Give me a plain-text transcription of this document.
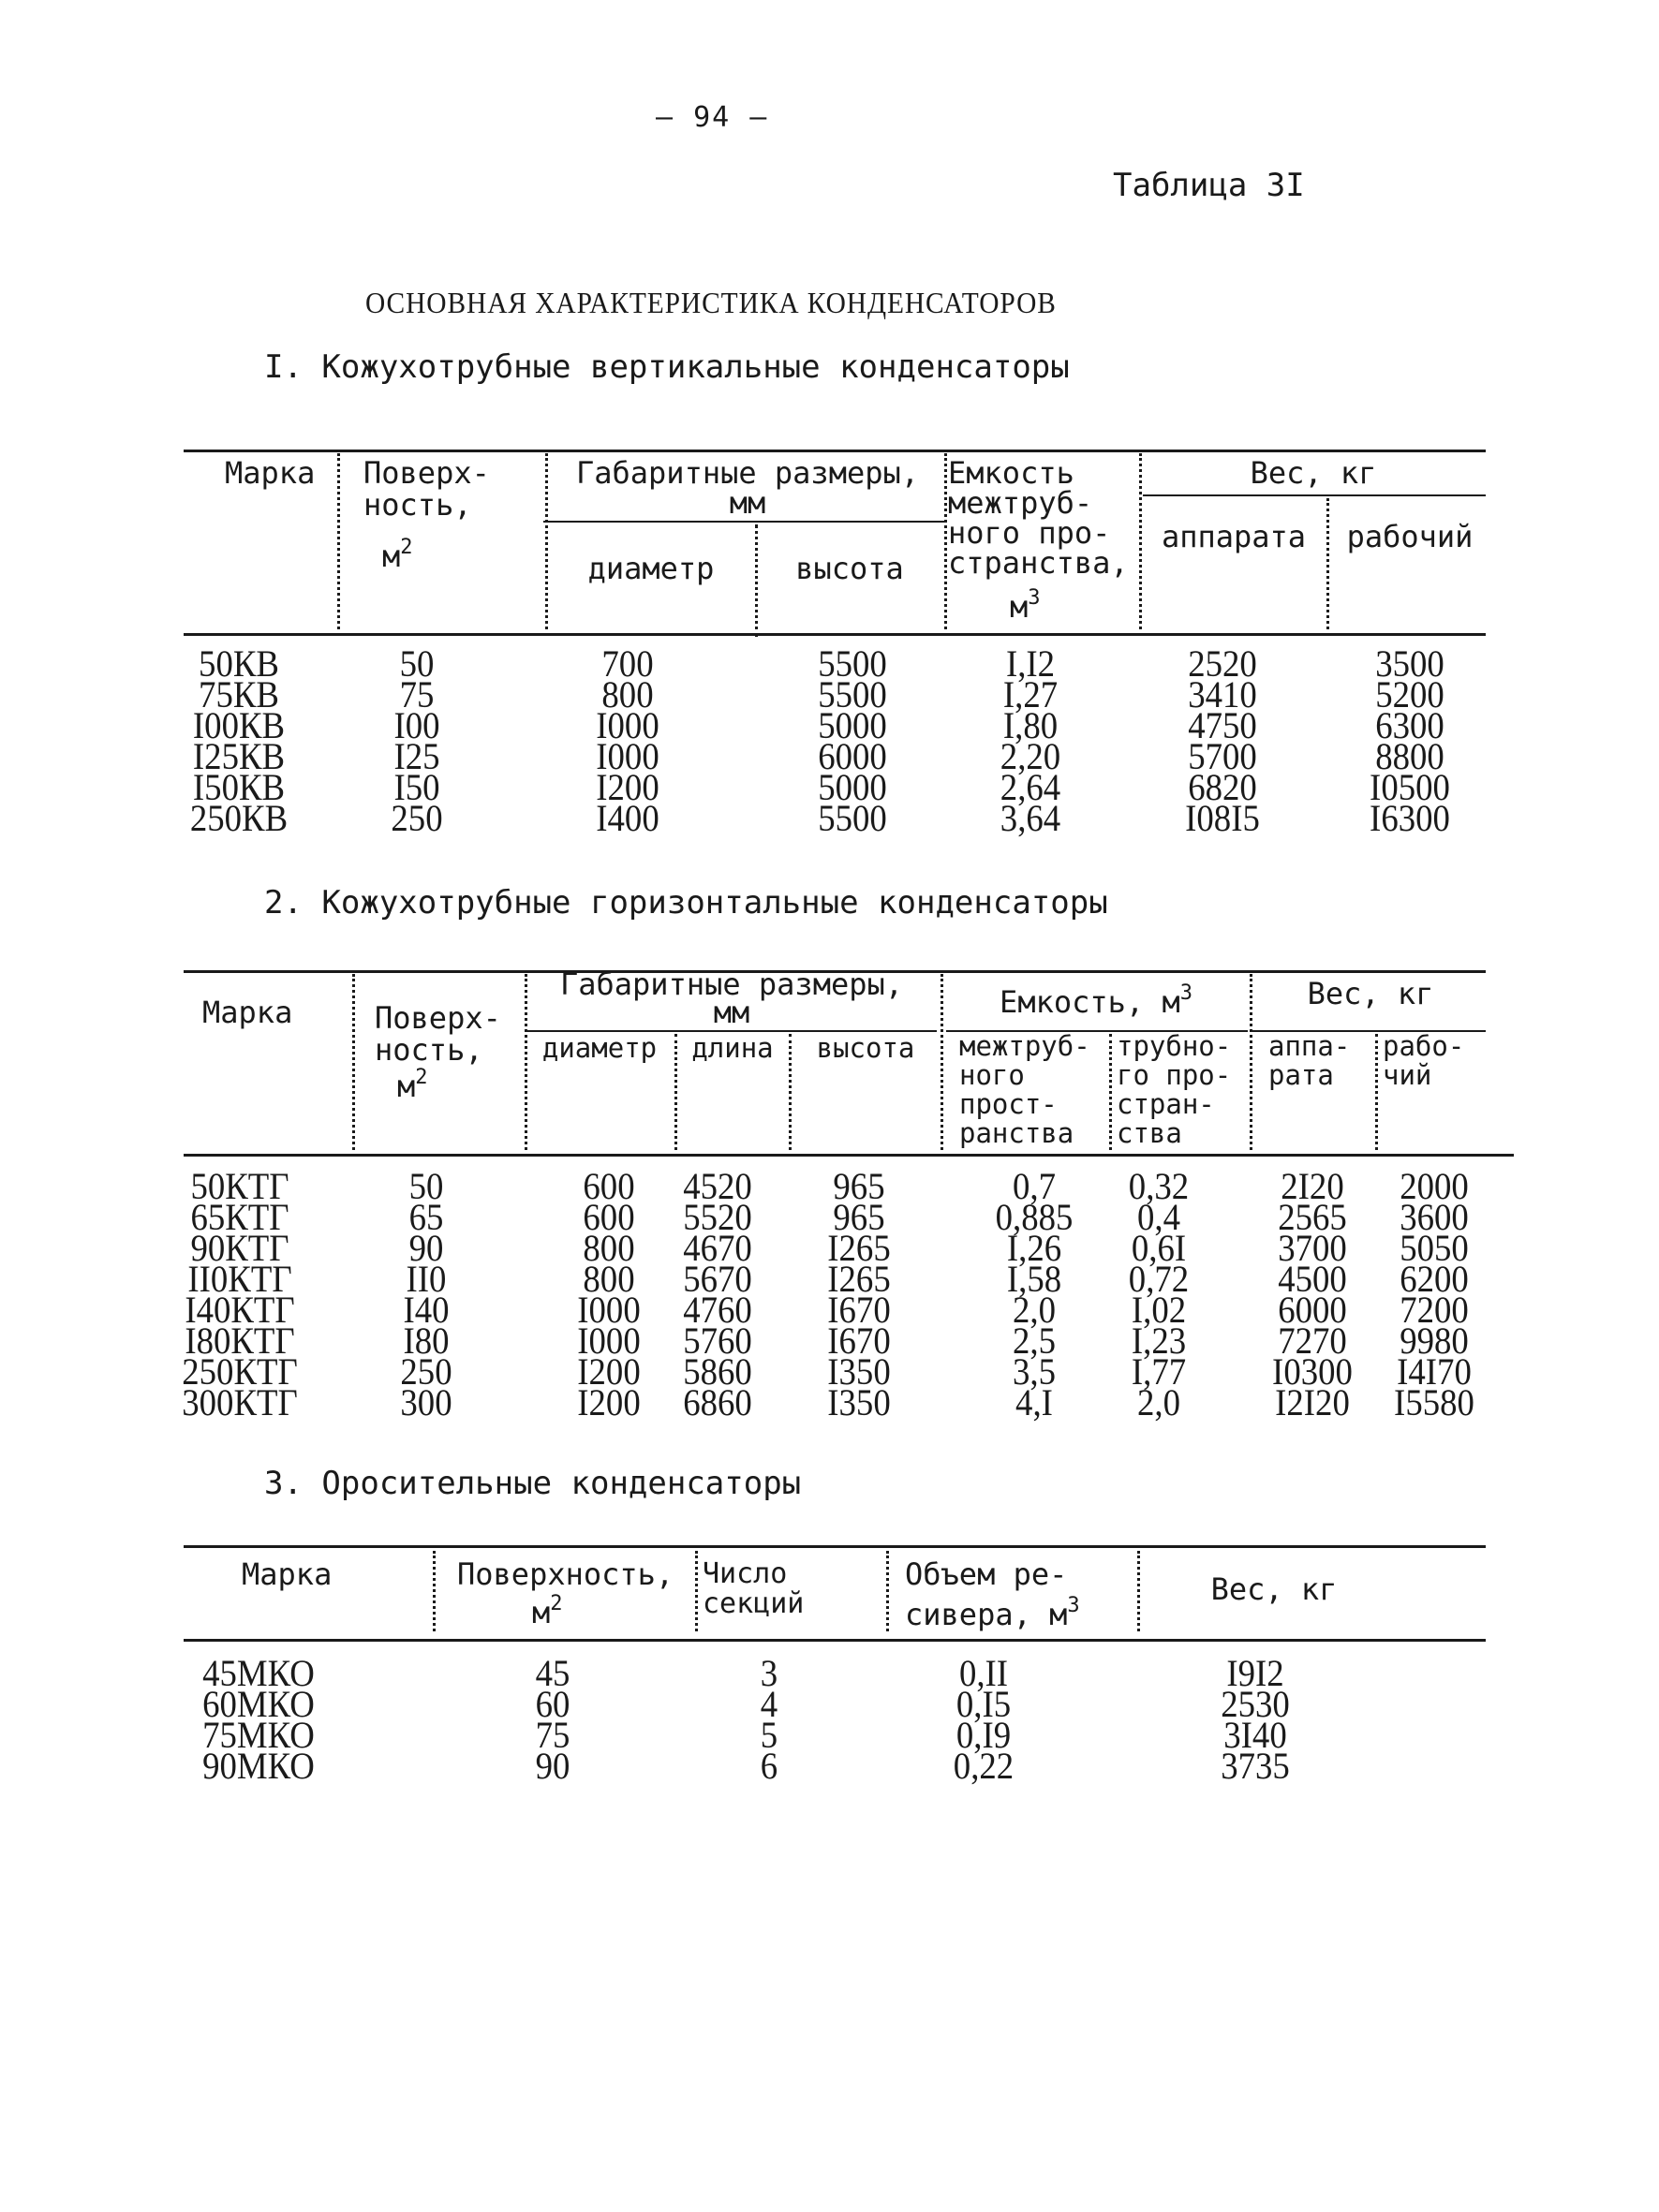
– 94 –
Таблица 3I
ОСНОВНАЯ ХАРАКТЕРИСТИКА КОНДЕНСАТОРОВ
I. Кожухотрубные вертикальные конденсаторы
Марка Поверх-
ность,
$м^2$
Габаритные размеры,
мм
диаметр	высота
Емкость
межтруб-
ного про-
странства,
$м^3$
Вес, кг
аппарата	рабочий
50КВ	50	700	5500	I,I2	2520	3500
75КВ	75	800	5500	I,27	3410	5200
I00КВ	I00	I000	5000	I,80	4750	6300
I25КВ	I25	I000	6000	2,20	5700	8800
I50КВ	I50	I200	5000	2,64	6820	I0500
250КВ	250	I400	5500	3,64	I08I5	I6300
2. Кожухотрубные горизонтальные конденсаторы
Марка	Поверх-
ность,
$м^2$
Габаритные размеры,
мм
диаметр	длина	высота
Емкость, $м^3$
межтруб-
ного
прост-
ранства
трубно-
го про-
стран-
ства
Вес, кг
аппа-
рата
рабо-
чий
50КТГ	50	600	4520	965	0,7	0,32	2I20	2000
65КТГ	65	600	5520	965	0,885	0,4	2565	3600
90КТГ	90	800	4670	I265	I,26	0,6I	3700	5050
II0КТГ	II0	800	5670	I265	I,58	0,72	4500	6200
I40КТГ	I40	I000	4760	I670	2,0	I,02	6000	7200
I80КТГ	I80	I000	5760	I670	2,5	I,23	7270	9980
250КТГ	250	I200	5860	I350	3,5	I,77	I0300	I4I70
300КТГ	300	I200	6860	I350	4,I	2,0	I2I20	I5580
3. Оросительные конденсаторы
Марка	Поверхность,
$м^2$
Число
секций
Объем ре-
сивера, $м^3$	Вес, кг
45МКО	45	3	0,II	I9I2
60МКО	60	4	0,I5	2530
75МКО	75	5	0,I9	3I40
90МКО	90	6	0,22	3735
